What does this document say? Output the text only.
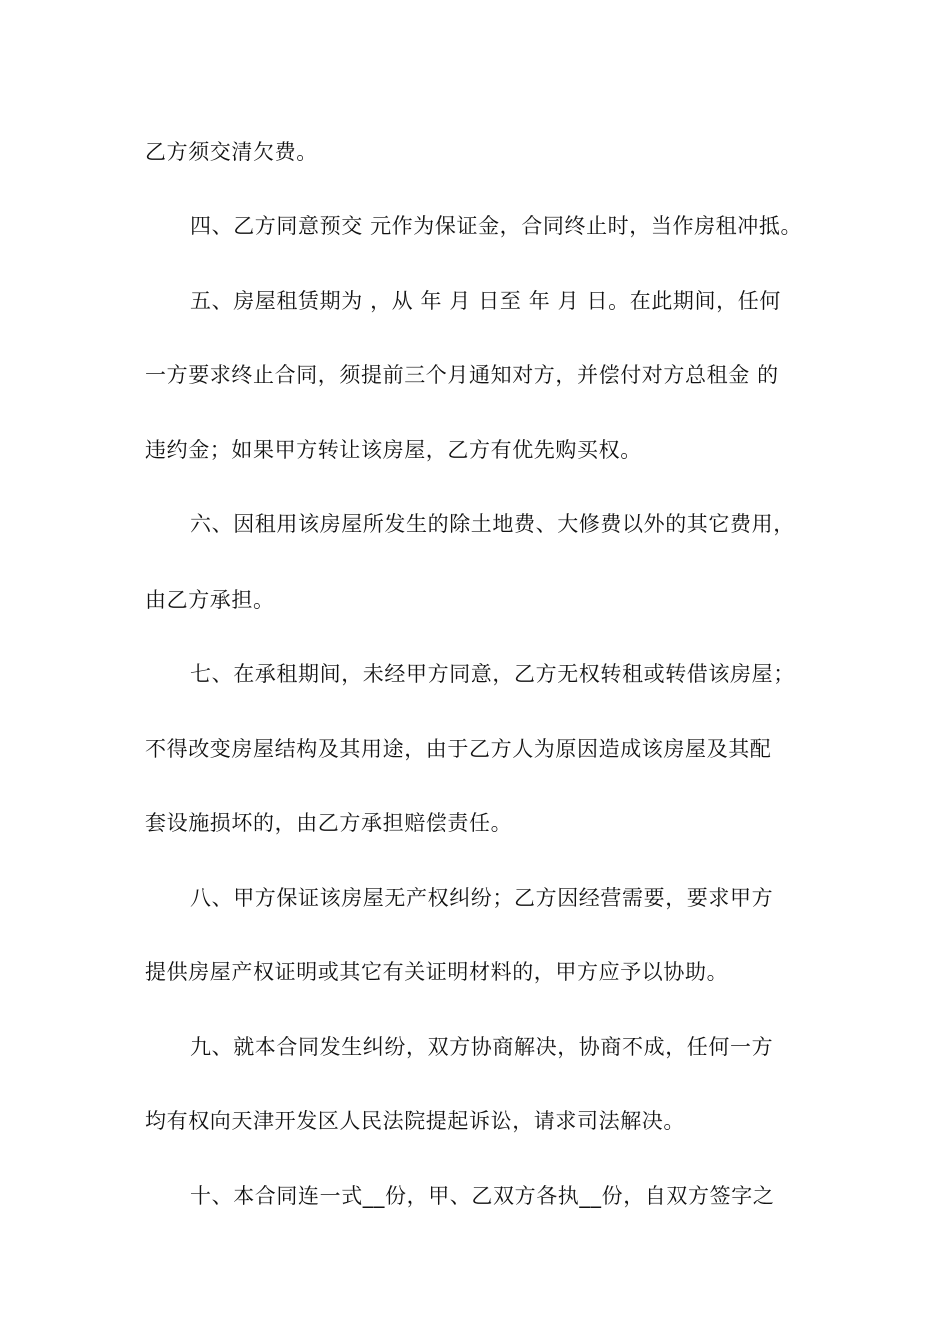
乙方须交清欠费。
四、乙方同意预交 元作为保证金，合同终止时，当作房租冲抵。
五、房屋租赁期为 ，从 年 月 日至 年 月 日。在此期间，任何
一方要求终止合同，须提前三个月通知对方，并偿付对方总租金 的
违约金；如果甲方转让该房屋，乙方有优先购买权。
六、因租用该房屋所发生的除土地费、大修费以外的其它费用，
由乙方承担。
七、在承租期间，未经甲方同意，乙方无权转租或转借该房屋；
不得改变房屋结构及其用途，由于乙方人为原因造成该房屋及其配
套设施损坏的，由乙方承担赔偿责任。
八、甲方保证该房屋无产权纠纷；乙方因经营需要，要求甲方
提供房屋产权证明或其它有关证明材料的，甲方应予以协助。
九、就本合同发生纠纷，双方协商解决，协商不成，任何一方
均有权向天津开发区人民法院提起诉讼，请求司法解决。
十、本合同连一式__份，甲、乙双方各执__份，自双方签字之
